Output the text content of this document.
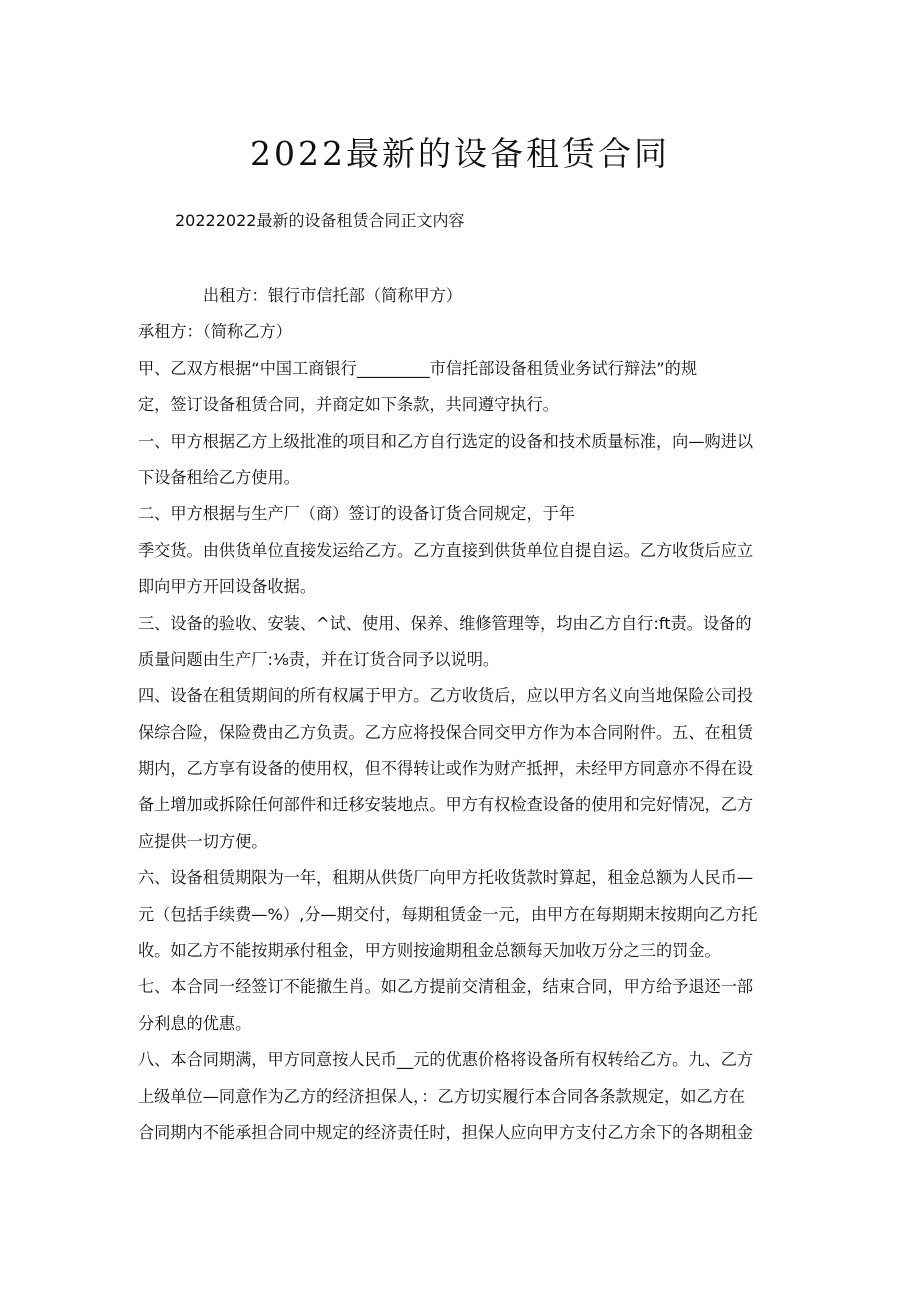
2022最新的设备租赁合同

20222022最新的设备租赁合同正文内容

出租方：银行市信托部（简称甲方）

承租方：（简称乙方）

甲、乙双方根据“中国工商银行_________市信托部设备租赁业务试行辩法”的规

定，签订设备租赁合同，并商定如下条款，共同遵守执行。

一、甲方根据乙方上级批准的项目和乙方自行选定的设备和技术质量标准，向—购进以

下设备租给乙方使用。

二、甲方根据与生产厂（商）签订的设备订货合同规定，于年

季交货。由供货单位直接发运给乙方。乙方直接到供货单位自提自运。乙方收货后应立

即向甲方开回设备收据。

三、设备的验收、安装、^试、使用、保养、维修管理等，均由乙方自行:ft责。设备的

质量问题由生产厂:⅛责，并在订货合同予以说明。

四、设备在租赁期间的所有权属于甲方。乙方收货后，应以甲方名义向当地保险公司投

保综合险，保险费由乙方负责。乙方应将投保合同交甲方作为本合同附件。五、在租赁

期内，乙方享有设备的使用权，但不得转让或作为财产抵押，未经甲方同意亦不得在设

备上增加或拆除任何部件和迁移安装地点。甲方有权检查设备的使用和完好情况，乙方

应提供一切方便。

六、设备租赁期限为一年，租期从供货厂向甲方托收货款时算起，租金总额为人民币—

元（包括手续费—%）,分—期交付，每期租赁金一元，由甲方在每期期末按期向乙方托

收。如乙方不能按期承付租金，甲方则按逾期租金总额每天加收万分之三的罚金。

七、本合同一经签订不能撤生肖。如乙方提前交清租金，结束合同，甲方给予退还一部

分利息的优惠。

八、本合同期满，甲方同意按人民币__元的优惠价格将设备所有权转给乙方。九、乙方

上级单位—同意作为乙方的经济担保人，：乙方切实履行本合同各条款规定，如乙方在

合同期内不能承担合同中规定的经济责任时，担保人应向甲方支付乙方余下的各期租金
